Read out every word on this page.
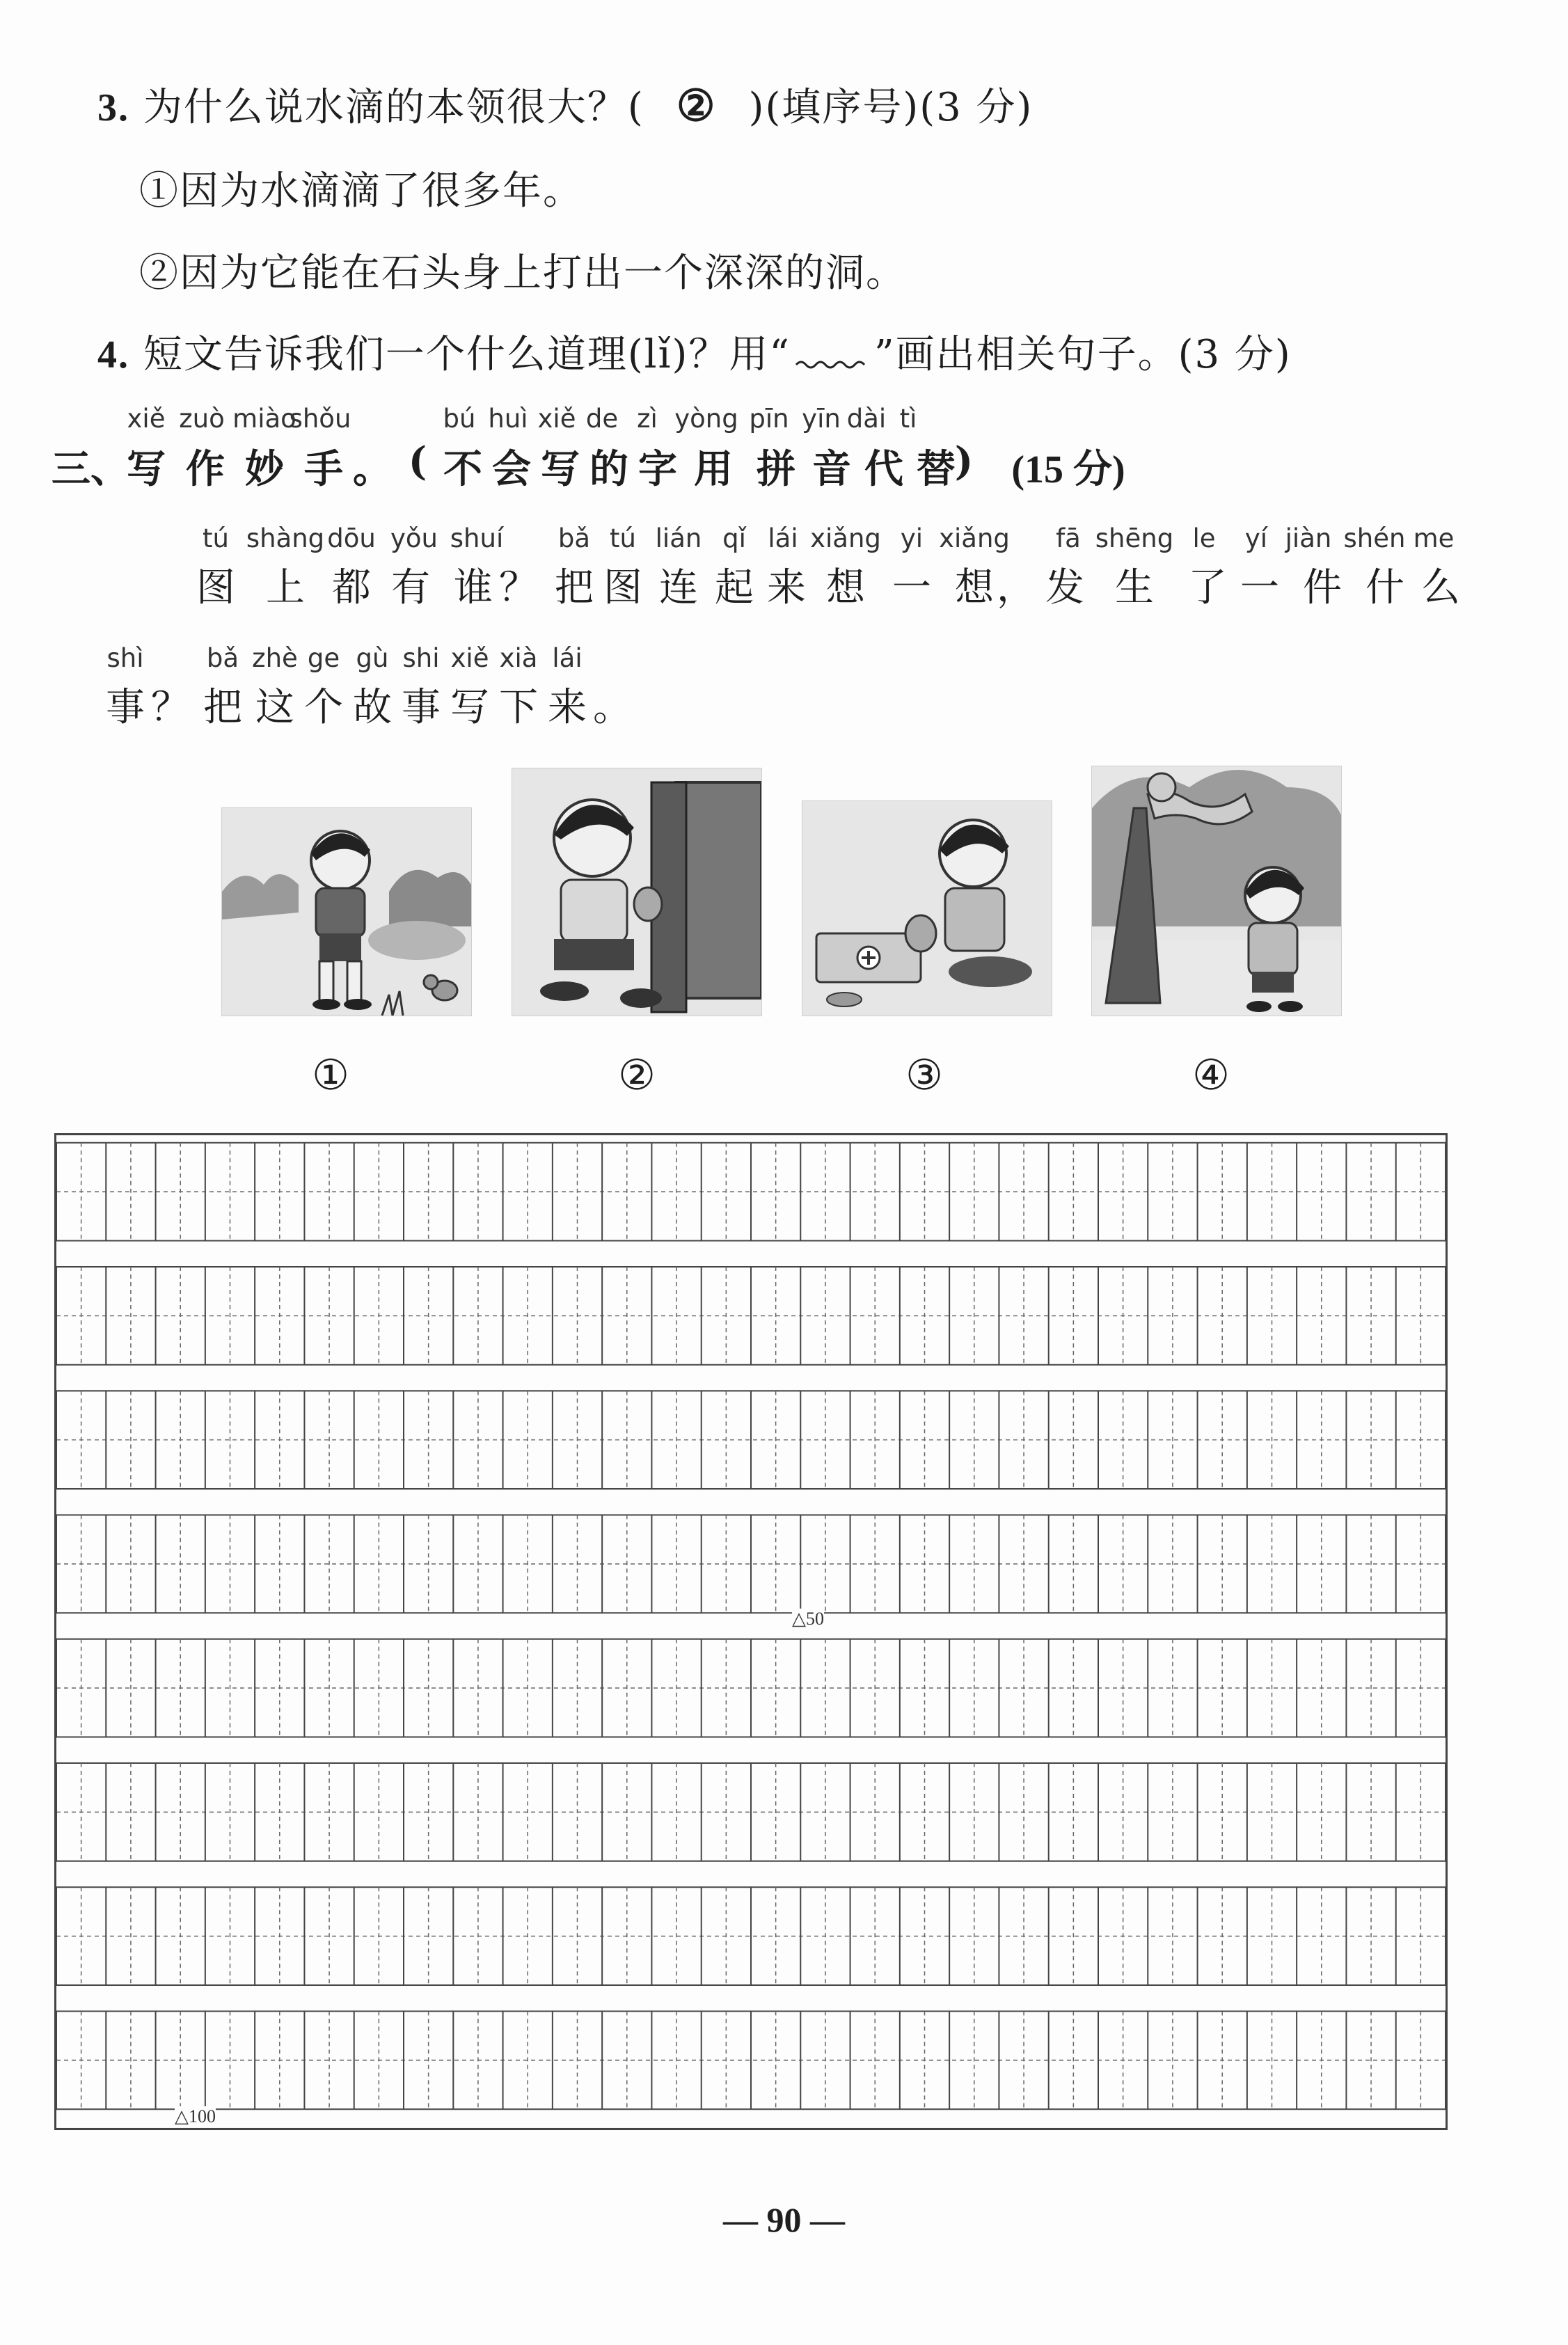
3. 为什么说水滴的本领很大？( ② )(填序号)(3 分)
①因为水滴滴了很多年。
②因为它能在石头身上打出一个深深的洞。
4. 短文告诉我们一个什么道理(lǐ)？用“ ”画出相关句子。(3 分)
xiě zuò miào
shǒu	bú huì xiě de zì yòng pīn yīn dài tì
三、
写 作 妙 手 。 ( 不 会 写 的 字 用 拼 音 代 替
) (15 分)
tú shàng dōu yǒu shuí	bǎ tú lián qǐ lái xiǎng yi xiǎng	fā shēng le	yí jiàn shén me
图 上 都 有 谁 ？ 把 图 连 起 来 想 一 想 ， 发 生 了 一 件 什 么
shì bǎ zhè ge gù shi xiě xià lái
事 ？ 把 这 个 故 事 写 下 来 。
①	②	③	④
△50
△100
— 90 —
